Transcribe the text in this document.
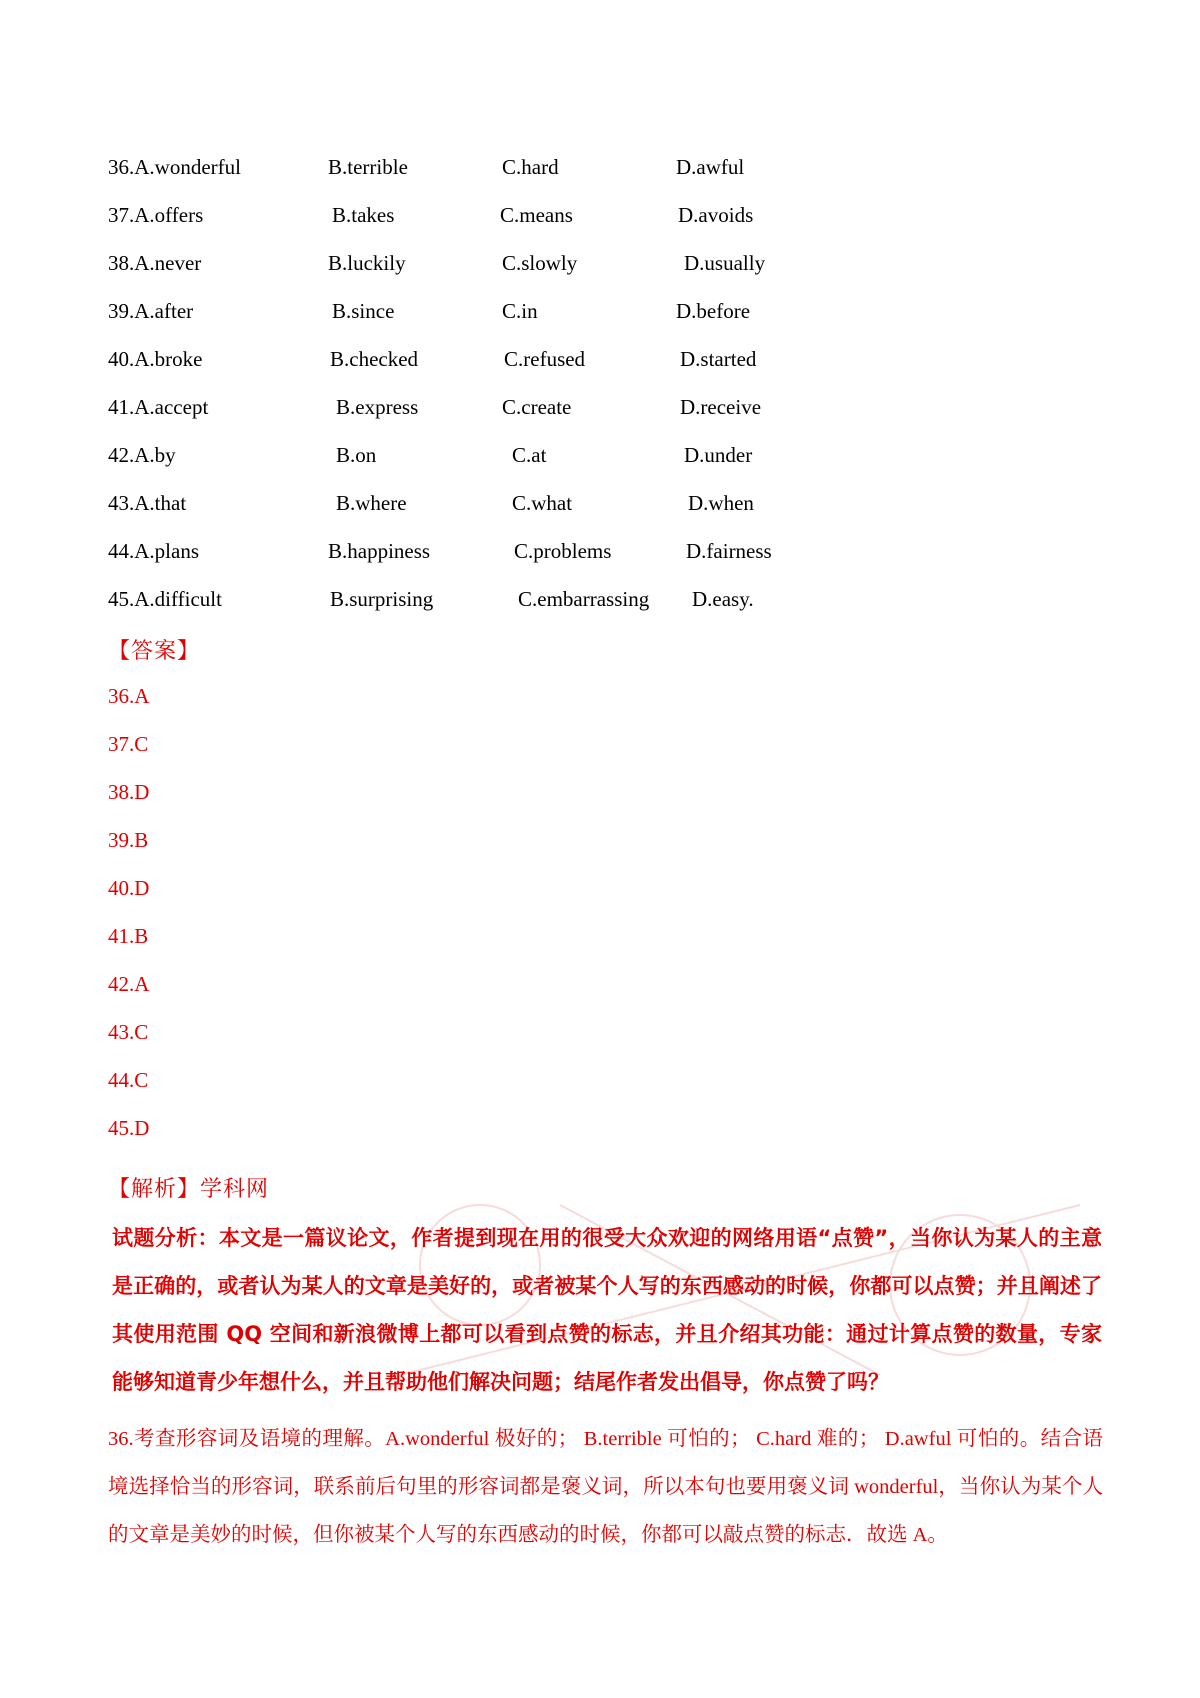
36.A.wonderful	B.terrible	C.hard	D.awful
37.A.offers	B.takes	C.means	D.avoids
38.A.never	B.luckily	C.slowly	D.usually
39.A.after	B.since	C.in	D.before
40.A.broke	B.checked	C.refused	D.started
41.A.accept	B.express	C.create	D.receive
42.A.by	B.on	C.at	D.under
43.A.that	B.where	C.what	D.when
44.A.plans	B.happiness	C.problems	D.fairness
45.A.difficult	B.surprising	C.embarrassing D.easy.
【答案】
36.A
37.C
38.D
39.B
40.D
41.B
42.A
43.C
44.C
45.D
【解析】学科网
试题分析：本文是一篇议论文，作者提到现在用的很受大众欢迎的网络用语“点赞”，当你认为某人的主意是正确的，或者认为某人的文章是美好的，或者被某个人写的东西感动的时候，你都可以点赞；并且阐述了其使用范围 QQ 空间和新浪微博上都可以看到点赞的标志，并且介绍其功能：通过计算点赞的数量，专家能够知道青少年想什么，并且帮助他们解决问题；结尾作者发出倡导，你点赞了吗？
36.考查形容词及语境的理解。A.wonderful 极好的； B.terrible 可怕的； C.hard 难的； D.awful 可怕的。结合语境选择恰当的形容词，联系前后句里的形容词都是褒义词，所以本句也要用褒义词 wonderful，当你认为某个人的文章是美妙的时候，但你被某个人写的东西感动的时候，你都可以敲点赞的标志．故选 A。
